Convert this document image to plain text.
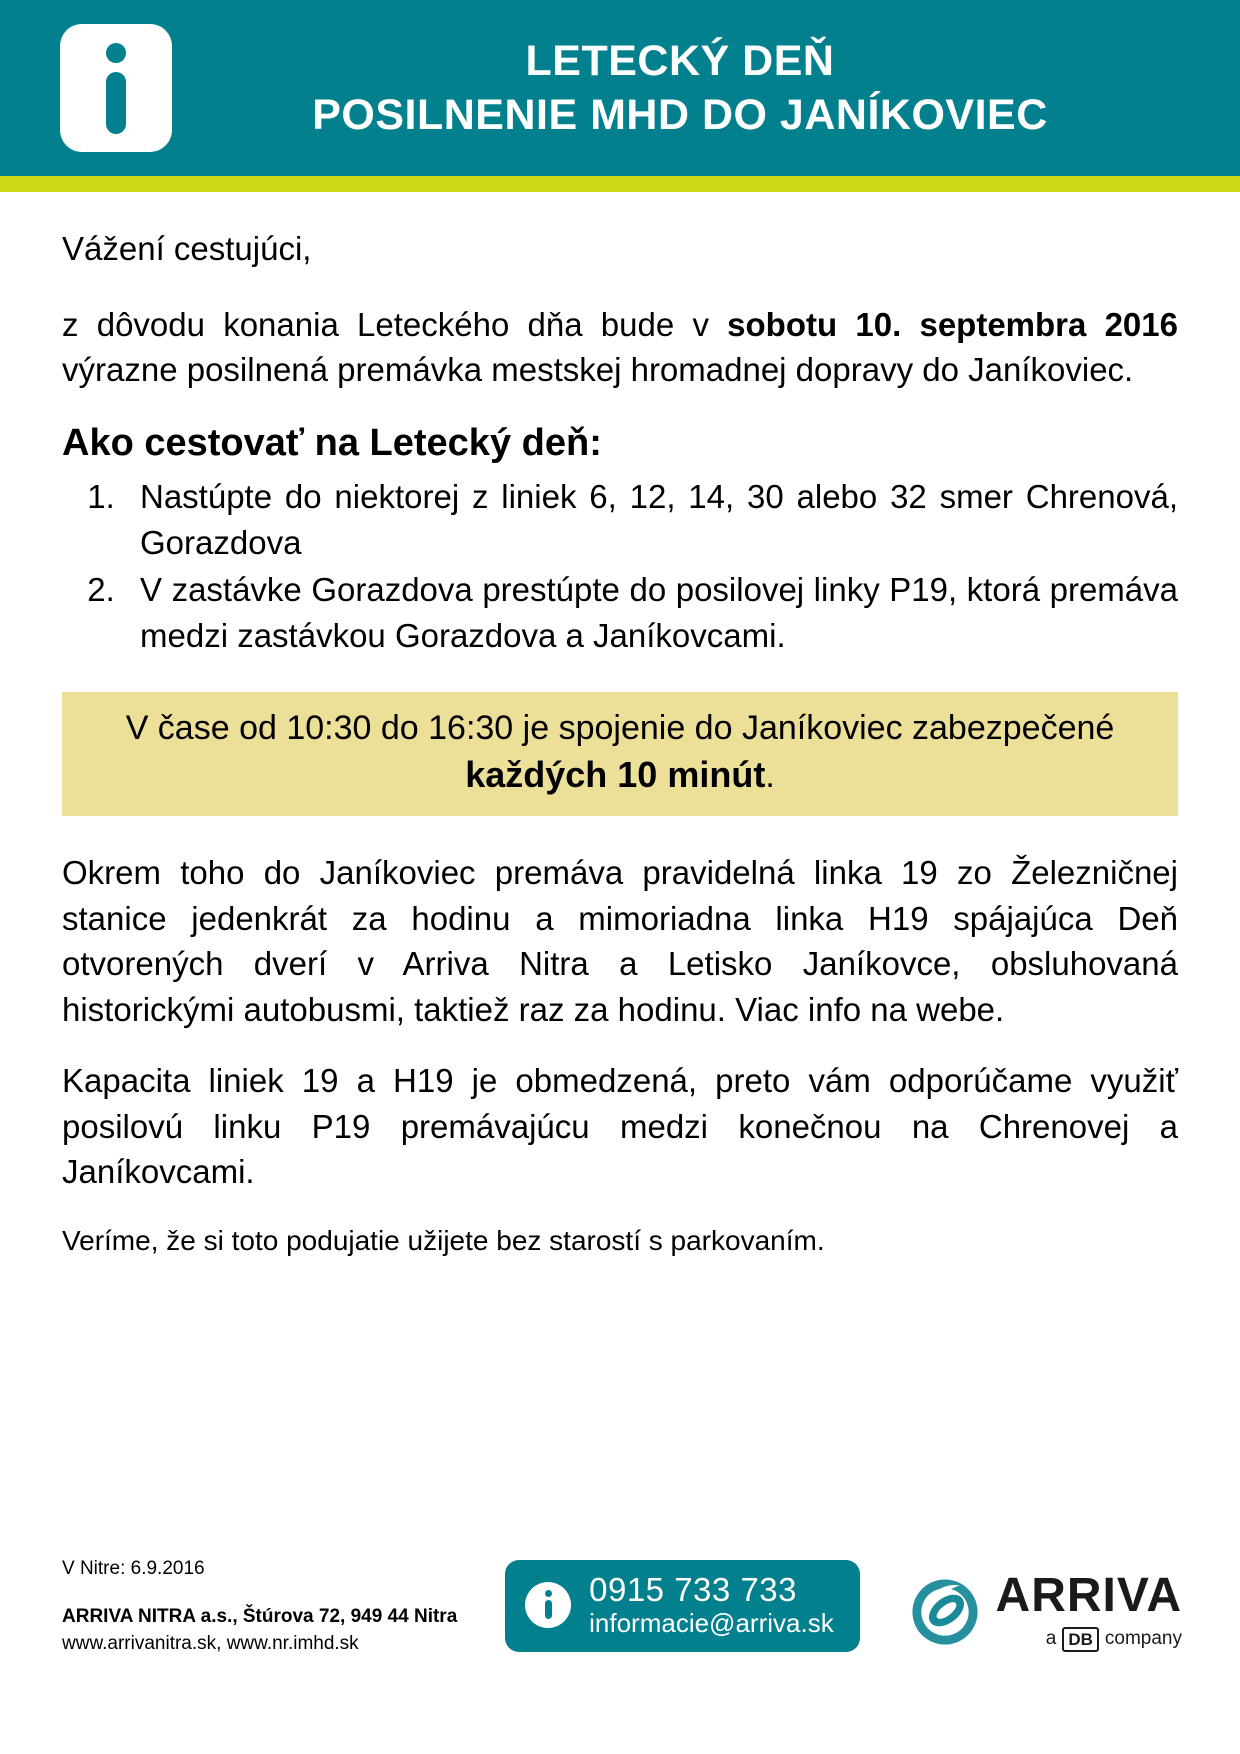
LETECKÝ DEŇ
POSILNENIE MHD DO JANÍKOVIEC

Vážení cestujúci,

z dôvodu konania Leteckého dňa bude v sobotu 10. septembra 2016 výrazne posilnená premávka mestskej hromadnej dopravy do Janíkoviec.

Ako cestovať na Letecký deň:
1. Nastúpte do niektorej z liniek 6, 12, 14, 30 alebo 32 smer Chrenová, Gorazdova
2. V zastávke Gorazdova prestúpte do posilovej linky P19, ktorá premáva medzi zastávkou Gorazdova a Janíkovcami.
V čase od 10:30 do 16:30 je spojenie do Janíkoviec zabezpečené každých 10 minút.

Okrem toho do Janíkoviec premáva pravidelná linka 19 zo Železničnej stanice jedenkrát za hodinu a mimoriadna linka H19 spájajúca Deň otvorených dverí v Arriva Nitra a Letisko Janíkovce, obsluhovaná historickými autobusmi, taktiež raz za hodinu. Viac info na webe.

Kapacita liniek 19 a H19 je obmedzená, preto vám odporúčame využiť posilovú linku P19 premávajúcu medzi konečnou na Chrenovej a Janíkovcami.

Veríme, že si toto podujatie užijete bez starostí s parkovaním.

V Nitre: 6.9.2016
ARRIVA NITRA a.s., Štúrova 72, 949 44 Nitra
www.arrivanitra.sk, www.nr.imhd.sk
0915 733 733
informacie@arriva.sk
ARRIVA
a DB company
